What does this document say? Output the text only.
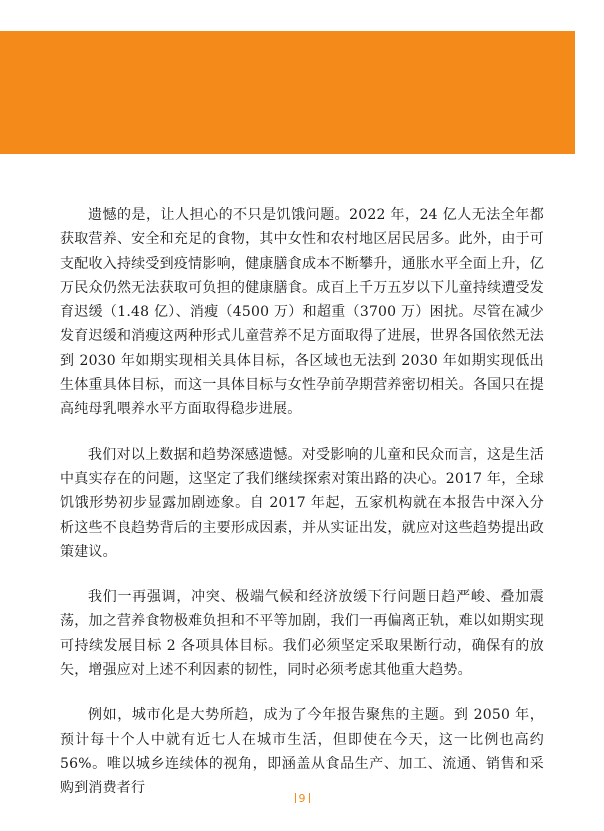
遗憾的是，让人担心的不只是饥饿问题。2022 年，24 亿人无法全年都获取营养、安全和充足的食物，其中女性和农村地区居民居多。此外，由于可支配收入持续受到疫情影响，健康膳食成本不断攀升，通胀水平全面上升，亿万民众仍然无法获取可负担的健康膳食。成百上千万五岁以下儿童持续遭受发育迟缓（1.48 亿）、消瘦（4500 万）和超重（3700 万）困扰。尽管在减少发育迟缓和消瘦这两种形式儿童营养不足方面取得了进展，世界各国依然无法到 2030 年如期实现相关具体目标，各区域也无法到 2030 年如期实现低出生体重具体目标，而这一具体目标与女性孕前孕期营养密切相关。各国只在提高纯母乳喂养水平方面取得稳步进展。

我们对以上数据和趋势深感遗憾。对受影响的儿童和民众而言，这是生活中真实存在的问题，这坚定了我们继续探索对策出路的决心。2017 年，全球饥饿形势初步显露加剧迹象。自 2017 年起，五家机构就在本报告中深入分析这些不良趋势背后的主要形成因素，并从实证出发，就应对这些趋势提出政策建议。

我们一再强调，冲突、极端气候和经济放缓下行问题日趋严峻、叠加震荡，加之营养食物极难负担和不平等加剧，我们一再偏离正轨，难以如期实现可持续发展目标 2 各项具体目标。我们必须坚定采取果断行动，确保有的放矢，增强应对上述不利因素的韧性，同时必须考虑其他重大趋势。

例如，城市化是大势所趋，成为了今年报告聚焦的主题。到 2050 年，预计每十个人中就有近七人在城市生活，但即使在今天，这一比例也高约 56%。唯以城乡连续体的视角，即涵盖从食品生产、加工、流通、销售和采购到消费者行

9
